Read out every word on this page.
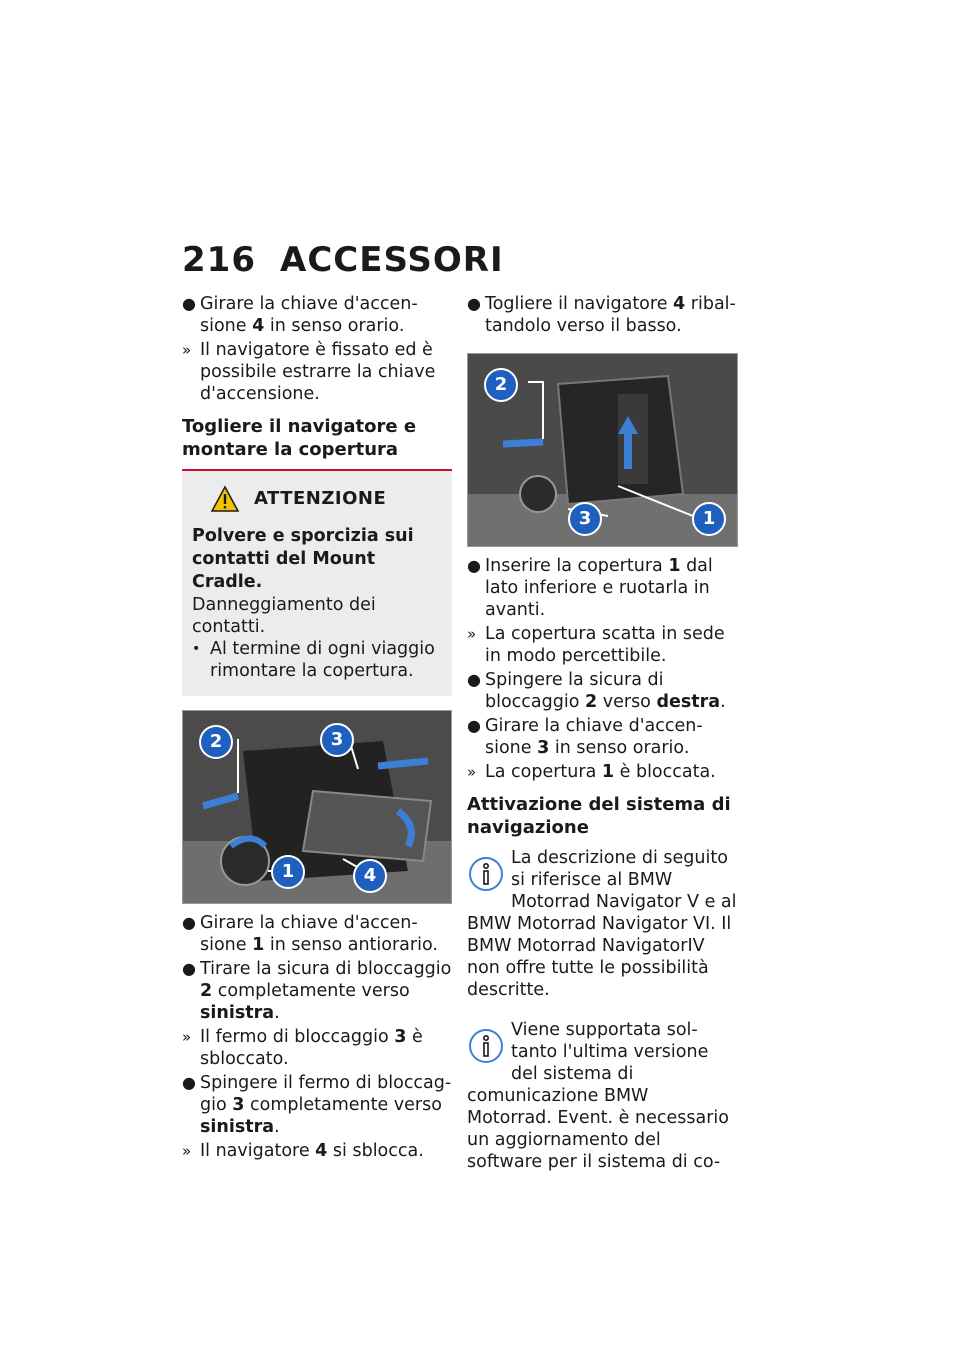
216 ACCESSORI
● Girare la chiave d'accensione 4 in senso orario.
» Il navigatore è fissato ed è possibile estrarre la chiave d'accensione.
Togliere il navigatore e montare la copertura
ATTENZIONE
Polvere e sporcizia sui contatti del Mount Cradle.
Danneggiamento dei contatti.
• Al termine di ogni viaggio rimontare la copertura.
2	3
1	4
● Girare la chiave d'accensione 1 in senso antiorario.
● Tirare la sicura di bloccaggio 2 completamente verso sinistra.
» Il fermo di bloccaggio 3 è sbloccato.
● Spingere il fermo di bloccaggio 3 completamente verso sinistra.
» Il navigatore 4 si sblocca.
● Togliere il navigatore 4 ribaltandolo verso il basso.
2
3	1
● Inserire la copertura 1 dal lato inferiore e ruotarla in avanti.
» La copertura scatta in sede in modo percettibile.
● Spingere la sicura di bloccaggio 2 verso destra.
● Girare la chiave d'accensione 3 in senso orario.
» La copertura 1 è bloccata.
Attivazione del sistema di navigazione

La descrizione di seguito si riferisce al BMW Motorrad Navigator V e al BMW Motorrad Navigator VI. Il BMW Motorrad NavigatorIV non offre tutte le possibilità descritte.

Viene supportata soltanto l'ultima versione del sistema di comunicazione BMW Motorrad. Event. è necessario un aggiornamento del software per il sistema di co-
